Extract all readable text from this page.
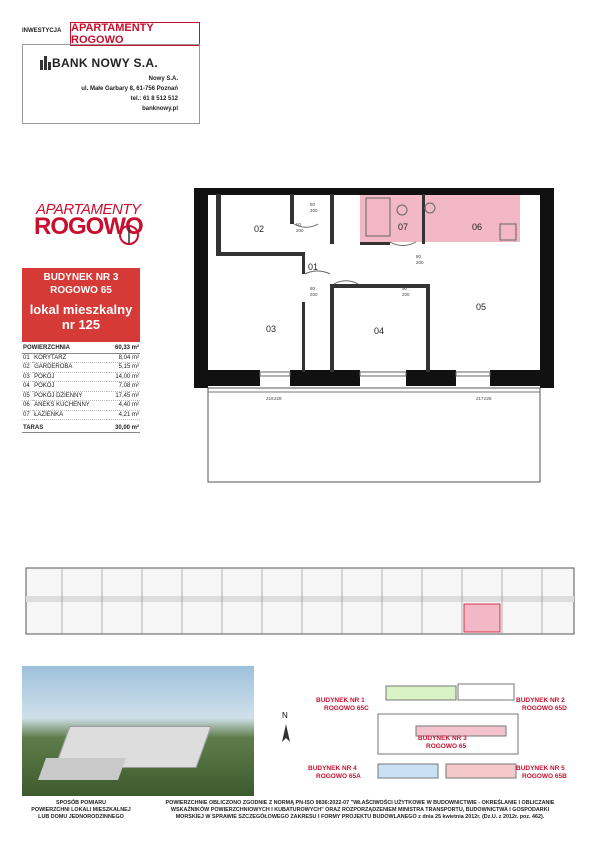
INWESTYCJA APARTAMENTY ROGOWO
BANK NOWY S.A.
Nowy S.A.
ul. Małe Garbary 8, 61-756 Poznań
tel.: 61 8 512 512
banknowy.pl
APARTAMENTY
ROGOWO
BUDYNEK NR 3
ROGOWO 65
lokal mieszkalny
nr 125
POWIERZCHNIA		60,33 m²
01	KORYTARZ	8,04 m²
02	GARDEROBA	5,15 m²
03	POKÓJ	14,00 m²
04	POKÓJ	7,08 m²
05	POKÓJ DZIENNY	17,45 m²
06	ANEKS KUCHENNY	4,40 m²
07	ŁAZIENKA	4,21 m²

TARAS		30,00 m²
02
01
03	04
05
06
07
80
200
60
200
80
200
90
200
80
200
218 228	217 228
N
BUDYNEK NR 1
ROGOWO 65C
BUDYNEK NR 2
ROGOWO 65D
BUDYNEK NR 3
ROGOWO 65
BUDYNEK NR 4
ROGOWO 65A
BUDYNEK NR 5
ROGOWO 65B
SPOSÓB POMIARU
POWIERZCHNI LOKALI MIESZKALNEJ
LUB DOMU JEDNORODZINNEGO
POWIERZCHNIE OBLICZONO ZGODNIE Z NORMĄ PN-ISO 9836:2022-07 "WŁAŚCIWOŚCI UŻYTKOWE W BUDOWNICTWIE - OKREŚLANIE I OBLICZANIE
WSKAŹNIKÓW POWIERZCHNIOWYCH I KUBATUROWYCH" ORAZ ROZPORZĄDZENIEM MINISTRA TRANSPORTU, BUDOWNICTWA I GOSPODARKI
MORSKIEJ W SPRAWIE SZCZEGÓŁOWEGO ZAKRESU I FORMY PROJEKTU BUDOWLANEGO z dnia 25 kwietnia 2012r. (Dz.U. z 2012r. poz. 462).
